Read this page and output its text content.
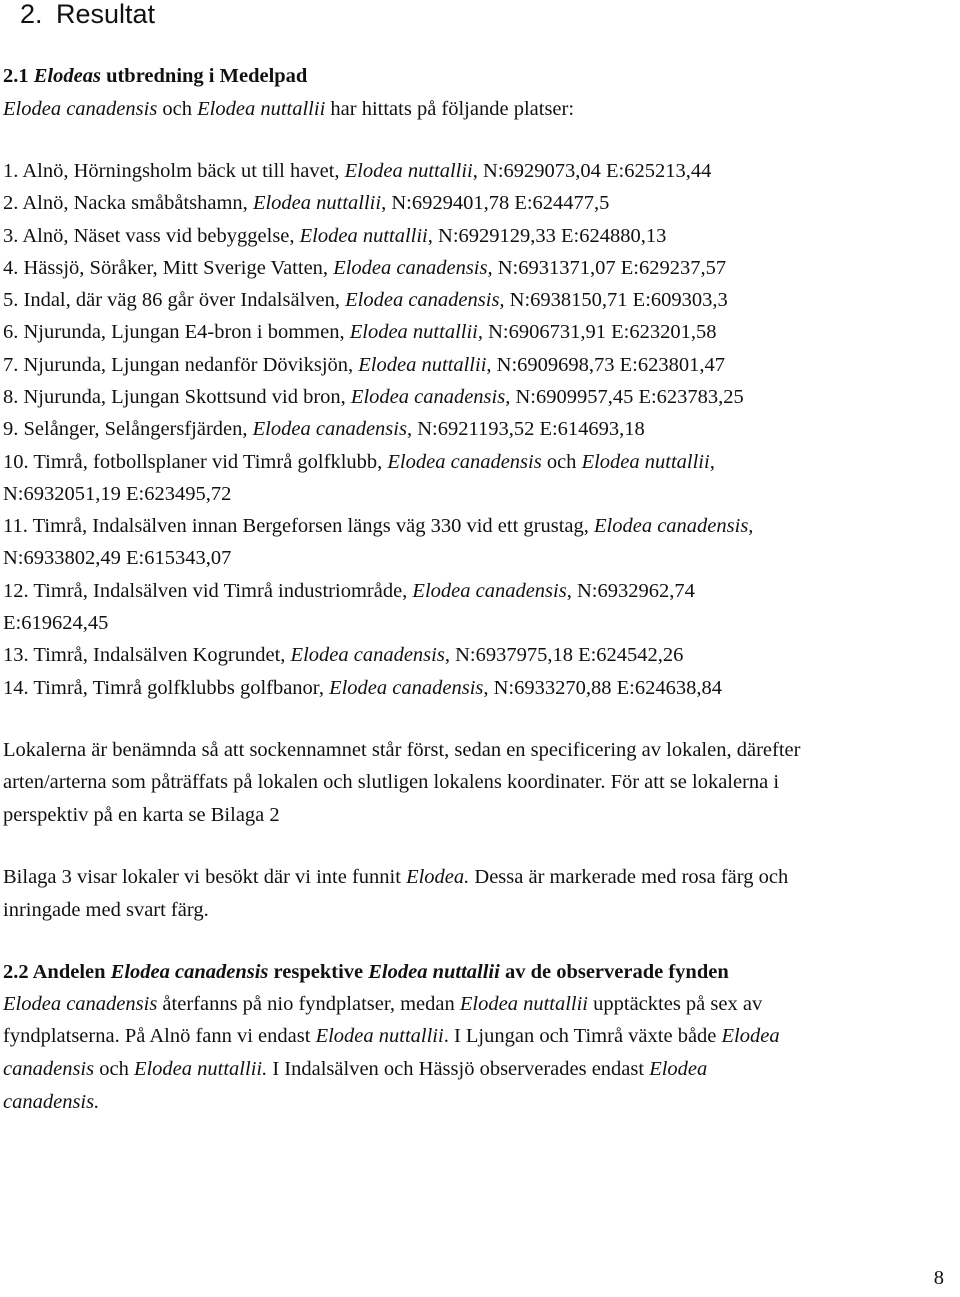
2. Resultat

2.1 Elodeas utbredning i Medelpad

Elodea canadensis och Elodea nuttallii har hittats på följande platser:

1. Alnö, Hörningsholm bäck ut till havet, Elodea nuttallii, N:6929073,04 E:625213,44

2. Alnö, Nacka småbåtshamn, Elodea nuttallii, N:6929401,78 E:624477,5

3. Alnö, Näset vass vid bebyggelse, Elodea nuttallii, N:6929129,33 E:624880,13

4. Hässjö, Söråker, Mitt Sverige Vatten, Elodea canadensis, N:6931371,07 E:629237,57

5. Indal, där väg 86 går över Indalsälven, Elodea canadensis, N:6938150,71 E:609303,3

6. Njurunda, Ljungan E4-bron i bommen, Elodea nuttallii, N:6906731,91 E:623201,58

7. Njurunda, Ljungan nedanför Döviksjön, Elodea nuttallii, N:6909698,73 E:623801,47

8. Njurunda, Ljungan Skottsund vid bron, Elodea canadensis, N:6909957,45 E:623783,25

9. Selånger, Selångersfjärden, Elodea canadensis, N:6921193,52 E:614693,18

10. Timrå, fotbollsplaner vid Timrå golfklubb, Elodea canadensis och Elodea nuttallii,

N:6932051,19 E:623495,72

11. Timrå, Indalsälven innan Bergeforsen längs väg 330 vid ett grustag, Elodea canadensis,

N:6933802,49 E:615343,07

12. Timrå, Indalsälven vid Timrå industriområde, Elodea canadensis, N:6932962,74

E:619624,45

13. Timrå, Indalsälven Kogrundet, Elodea canadensis, N:6937975,18 E:624542,26

14. Timrå, Timrå golfklubbs golfbanor, Elodea canadensis, N:6933270,88 E:624638,84

Lokalerna är benämnda så att sockennamnet står först, sedan en specificering av lokalen, därefter

arten/arterna som påträffats på lokalen och slutligen lokalens koordinater. För att se lokalerna i

perspektiv på en karta se Bilaga 2

Bilaga 3 visar lokaler vi besökt där vi inte funnit Elodea. Dessa är markerade med rosa färg och

inringade med svart färg.

2.2 Andelen Elodea canadensis respektive Elodea nuttallii av de observerade fynden

Elodea canadensis återfanns på nio fyndplatser, medan Elodea nuttallii upptäcktes på sex av

fyndplatserna. På Alnö fann vi endast Elodea nuttallii. I Ljungan och Timrå växte både Elodea

canadensis och Elodea nuttallii. I Indalsälven och Hässjö observerades endast Elodea

canadensis.

8
